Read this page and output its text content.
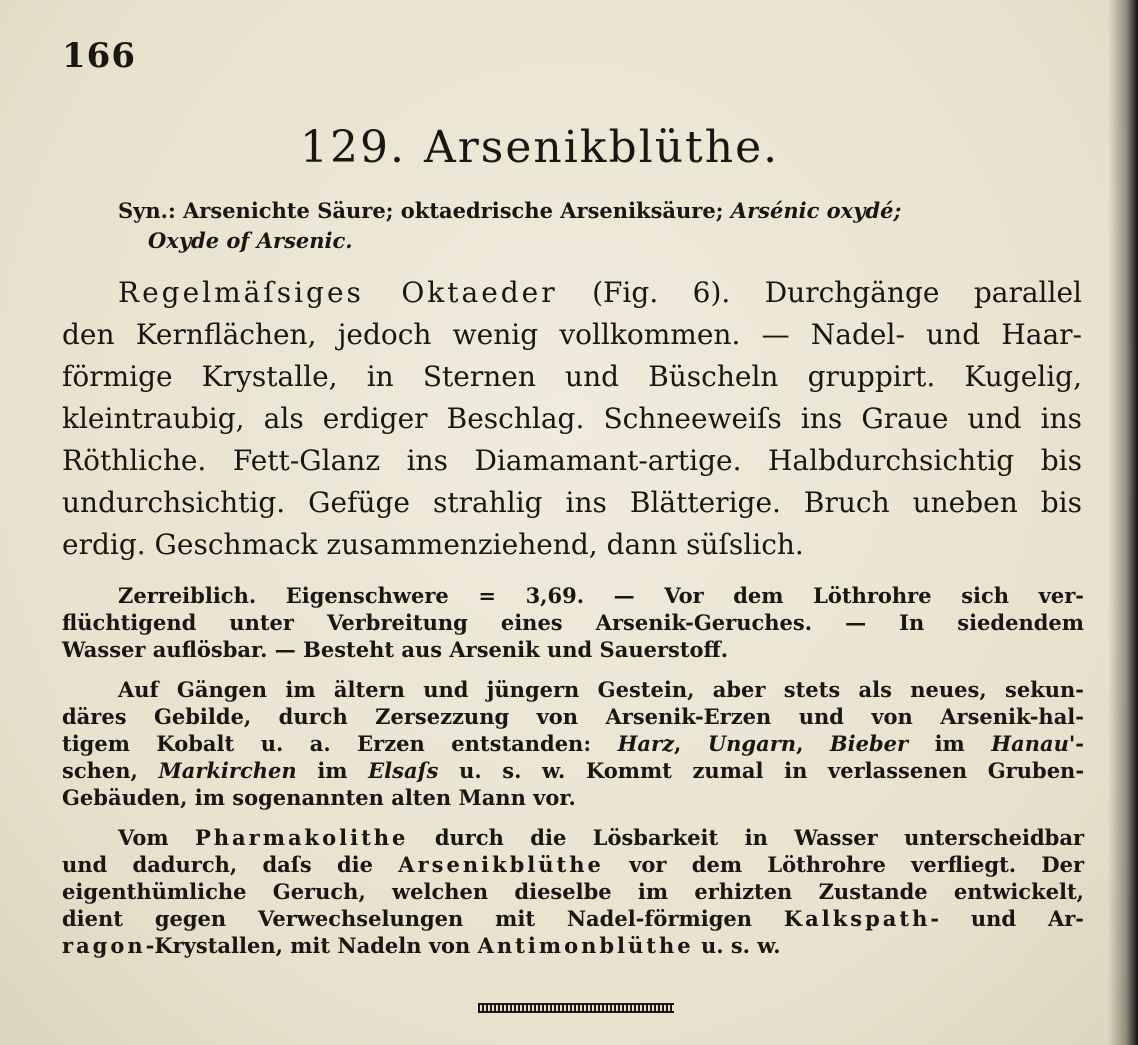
166
129. Arsenikblüthe.
Syn.: Arsenichte Säure; oktaedrische Arseniksäure; Arsénic oxydé;
Oxyde of Arsenic.
Regelmäſsiges Oktaeder (Fig. 6). Durchgänge parallel
den Kernflächen, jedoch wenig vollkommen. — Nadel- und Haar-
förmige Krystalle, in Sternen und Büscheln gruppirt. Kugelig,
kleintraubig, als erdiger Beschlag. Schneeweiſs ins Graue und ins
Röthliche. Fett-Glanz ins Diamamant-artige. Halbdurchsichtig bis
undurchsichtig. Gefüge strahlig ins Blätterige. Bruch uneben bis
erdig. Geschmack zusammenziehend, dann süſslich.
Zerreiblich. Eigenschwere = 3,69. — Vor dem Löthrohre sich ver-
flüchtigend unter Verbreitung eines Arsenik-Geruches. — In siedendem
Wasser auflösbar. — Besteht aus Arsenik und Sauerstoff.
Auf Gängen im ältern und jüngern Gestein, aber stets als neues, sekun-
däres Gebilde, durch Zersezzung von Arsenik-Erzen und von Arsenik-hal-
tigem Kobalt u. a. Erzen entstanden: Harz, Ungarn, Bieber im Hanau'-
schen, Markirchen im Elsaſs u. s. w. Kommt zumal in verlassenen Gruben-
Gebäuden, im sogenannten alten Mann vor.
Vom Pharmakolithe durch die Lösbarkeit in Wasser unterscheidbar
und dadurch, daſs die Arsenikblüthe vor dem Löthrohre verfliegt. Der
eigenthümliche Geruch, welchen dieselbe im erhizten Zustande entwickelt,
dient gegen Verwechselungen mit Nadel-förmigen Kalkspath- und Ar-
ragon-Krystallen, mit Nadeln von Antimonblüthe u. s. w.
